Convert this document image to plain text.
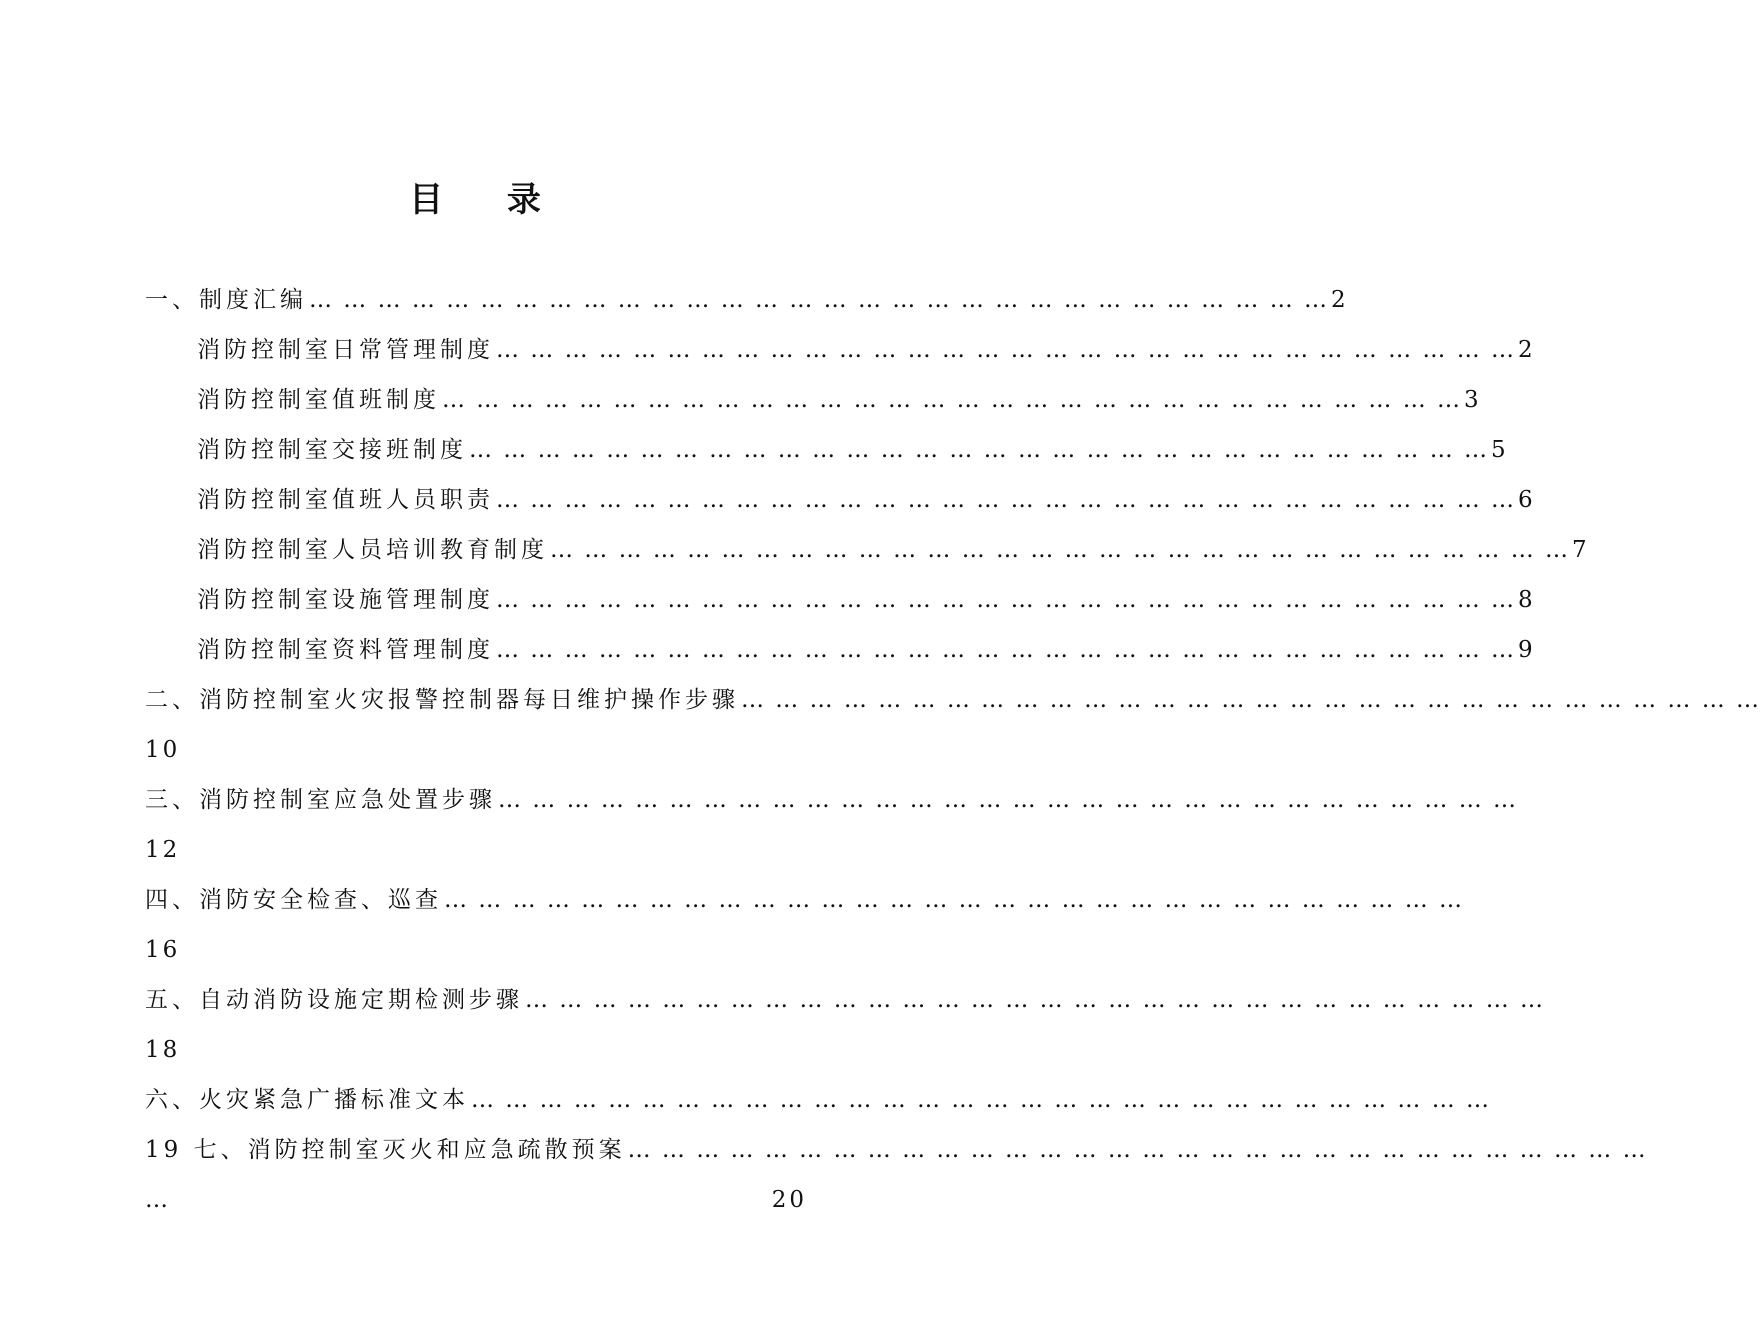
目 录
一、制度汇编 … … … … … … … … … … … … … … … … … … … … … … … … … … … … … … 2
消防控制室日常管理制度 … … … … … … … … … … … … … … … … … … … … … … … … … … … … … … 2
消防控制室值班制度 … … … … … … … … … … … … … … … … … … … … … … … … … … … … … … 3
消防控制室交接班制度 … … … … … … … … … … … … … … … … … … … … … … … … … … … … … … 5
消防控制室值班人员职责 … … … … … … … … … … … … … … … … … … … … … … … … … … … … … … 6
消防控制室人员培训教育制度 … … … … … … … … … … … … … … … … … … … … … … … … … … … … … … 7
消防控制室设施管理制度 … … … … … … … … … … … … … … … … … … … … … … … … … … … … … … 8
消防控制室资料管理制度 … … … … … … … … … … … … … … … … … … … … … … … … … … … … … … 9
二、消防控制室火灾报警控制器每日维护操作步骤 … … … … … … … … … … … … … … … … … … … … … … … … … … … … … …
10
三、消防控制室应急处置步骤 … … … … … … … … … … … … … … … … … … … … … … … … … … … … … …
12
四、消防安全检查、巡查 … … … … … … … … … … … … … … … … … … … … … … … … … … … … … …
16
五、自动消防设施定期检测步骤 … … … … … … … … … … … … … … … … … … … … … … … … … … … … … …
18
六、火灾紧急广播标准文本 … … … … … … … … … … … … … … … … … … … … … … … … … … … … … …
19 七、消防控制室灭火和应急疏散预案 … … … … … … … … … … … … … … … … … … … … … … … … … … … … … …
…	20
